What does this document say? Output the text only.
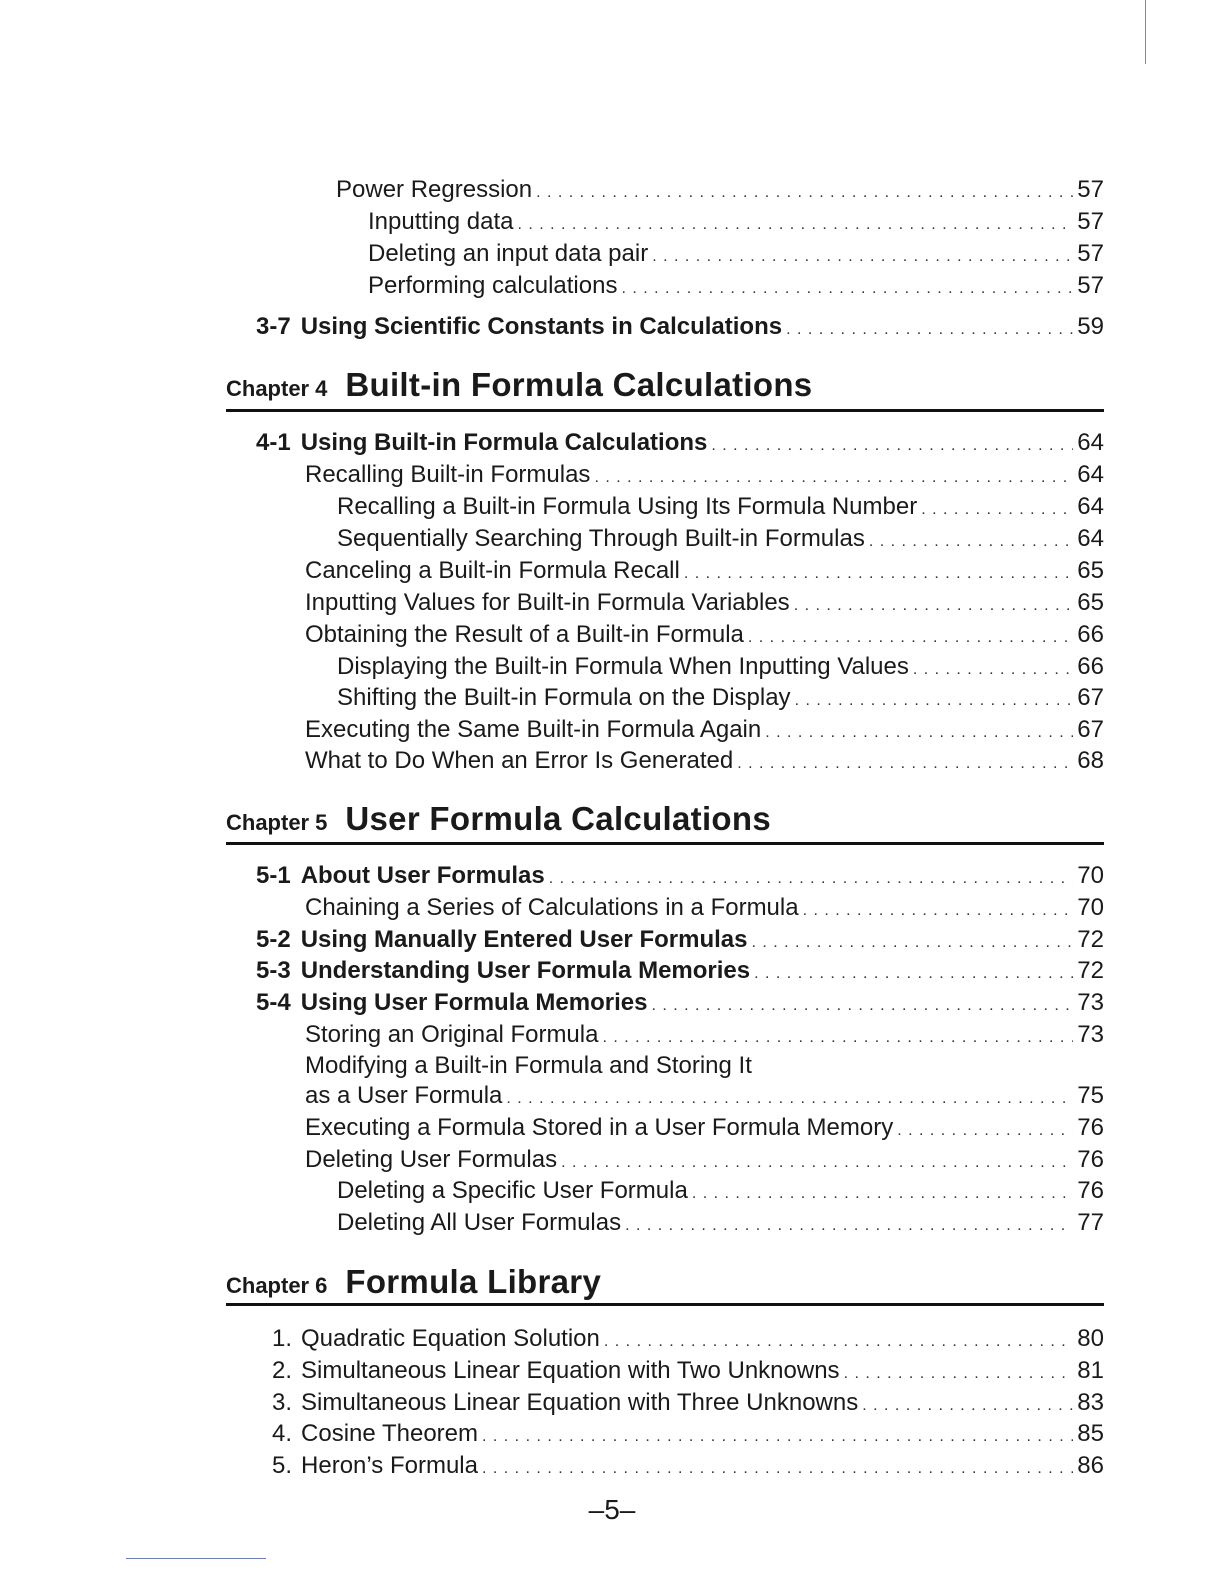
Power Regression . . .	57
Inputting data . . .	57
Deleting an input data pair . . .	57
Performing calculations . . .	57
3-7 Using Scientific Constants in Calculations . . .	59
Chapter 4 Built-in Formula Calculations
4-1 Using Built-in Formula Calculations . . .	64
Recalling Built-in Formulas . . .	64
Recalling a Built-in Formula Using Its Formula Number . . .	64
Sequentially Searching Through Built-in Formulas . . .	64
Canceling a Built-in Formula Recall . . .	65
Inputting Values for Built-in Formula Variables . . .	65
Obtaining the Result of a Built-in Formula . . .	66
Displaying the Built-in Formula When Inputting Values . . .	66
Shifting the Built-in Formula on the Display . . .	67
Executing the Same Built-in Formula Again . . .	67
What to Do When an Error Is Generated . . .	68
Chapter 5 User Formula Calculations
5-1 About User Formulas . . .	70
Chaining a Series of Calculations in a Formula . . .	70
5-2 Using Manually Entered User Formulas . . .	72
5-3 Understanding User Formula Memories . . .	72
5-4 Using User Formula Memories . . .	73
Storing an Original Formula . . .	73
Modifying a Built-in Formula and Storing It
as a User Formula . . .	75
Executing a Formula Stored in a User Formula Memory . . .	76
Deleting User Formulas . . .	76
Deleting a Specific User Formula . . .	76
Deleting All User Formulas . . .	77
Chapter 6 Formula Library
1. Quadratic Equation Solution . . .	80
2. Simultaneous Linear Equation with Two Unknowns . . .	81
3. Simultaneous Linear Equation with Three Unknowns . . .	83
4. Cosine Theorem . . .	85
5. Heron’s Formula . . .	86
–5–
